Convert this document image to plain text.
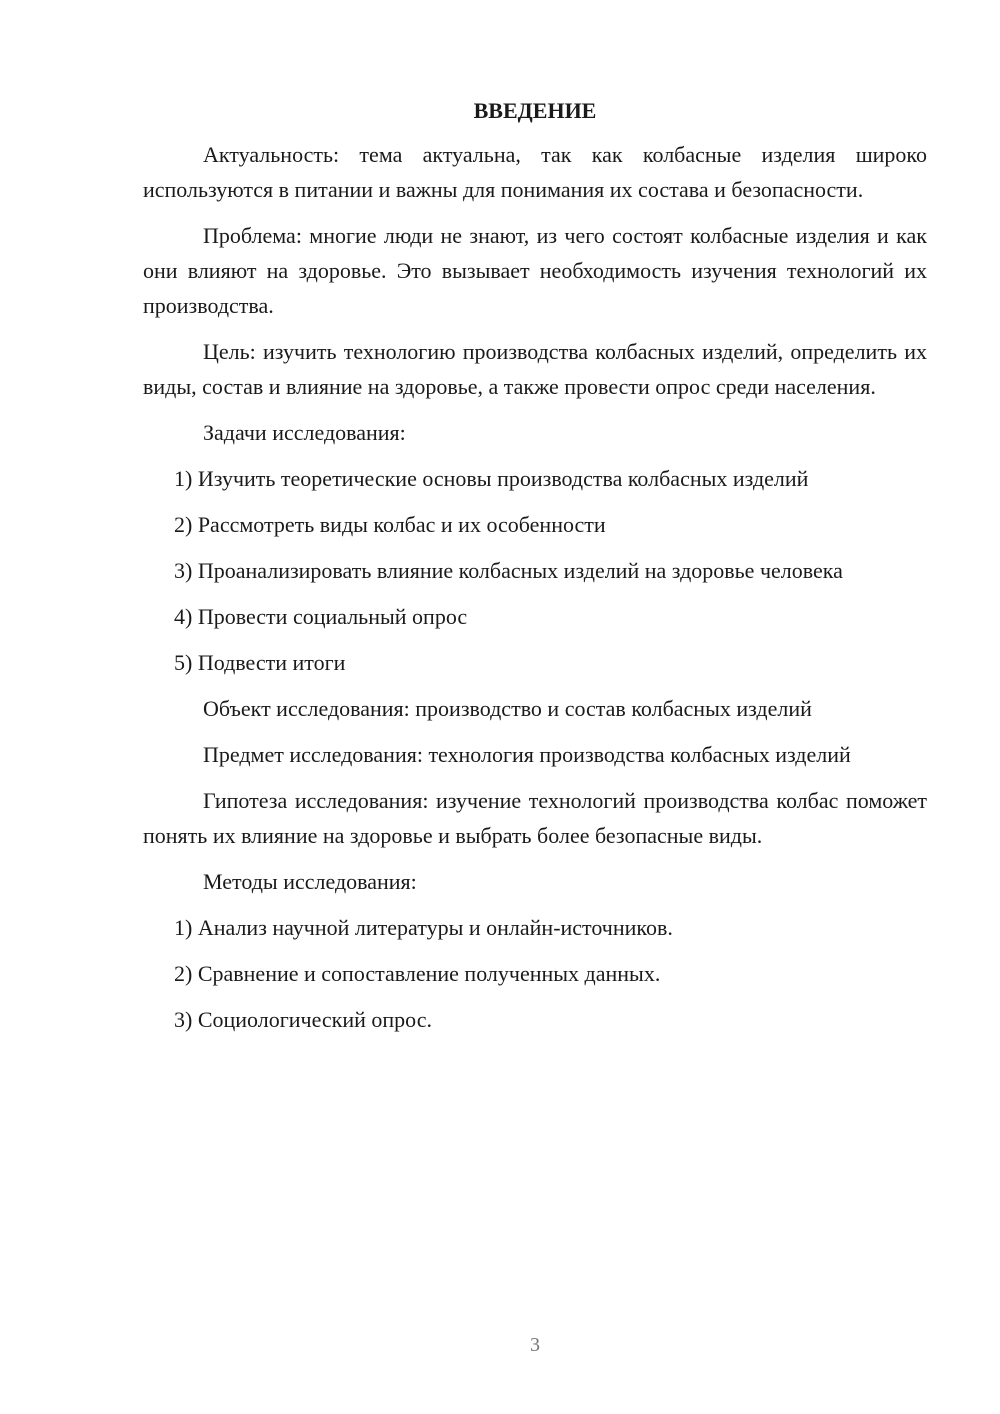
ВВЕДЕНИЕ
Актуальность: тема актуальна, так как колбасные изделия широко используются в питании и важны для понимания их состава и безопасности.
Проблема: многие люди не знают, из чего состоят колбасные изделия и как они влияют на здоровье. Это вызывает необходимость изучения технологий их производства.
Цель: изучить технологию производства колбасных изделий, определить их виды, состав и влияние на здоровье, а также провести опрос среди населения.
Задачи исследования:
1) Изучить теоретические основы производства колбасных изделий
2) Рассмотреть виды колбас и их особенности
3) Проанализировать влияние колбасных изделий на здоровье человека
4) Провести социальный опрос
5) Подвести итоги
Объект исследования: производство и состав колбасных изделий
Предмет исследования: технология производства колбасных изделий
Гипотеза исследования: изучение технологий производства колбас поможет понять их влияние на здоровье и выбрать более безопасные виды.
Методы исследования:
1) Анализ научной литературы и онлайн-источников.
2) Сравнение и сопоставление полученных данных.
3) Социологический опрос.
3
